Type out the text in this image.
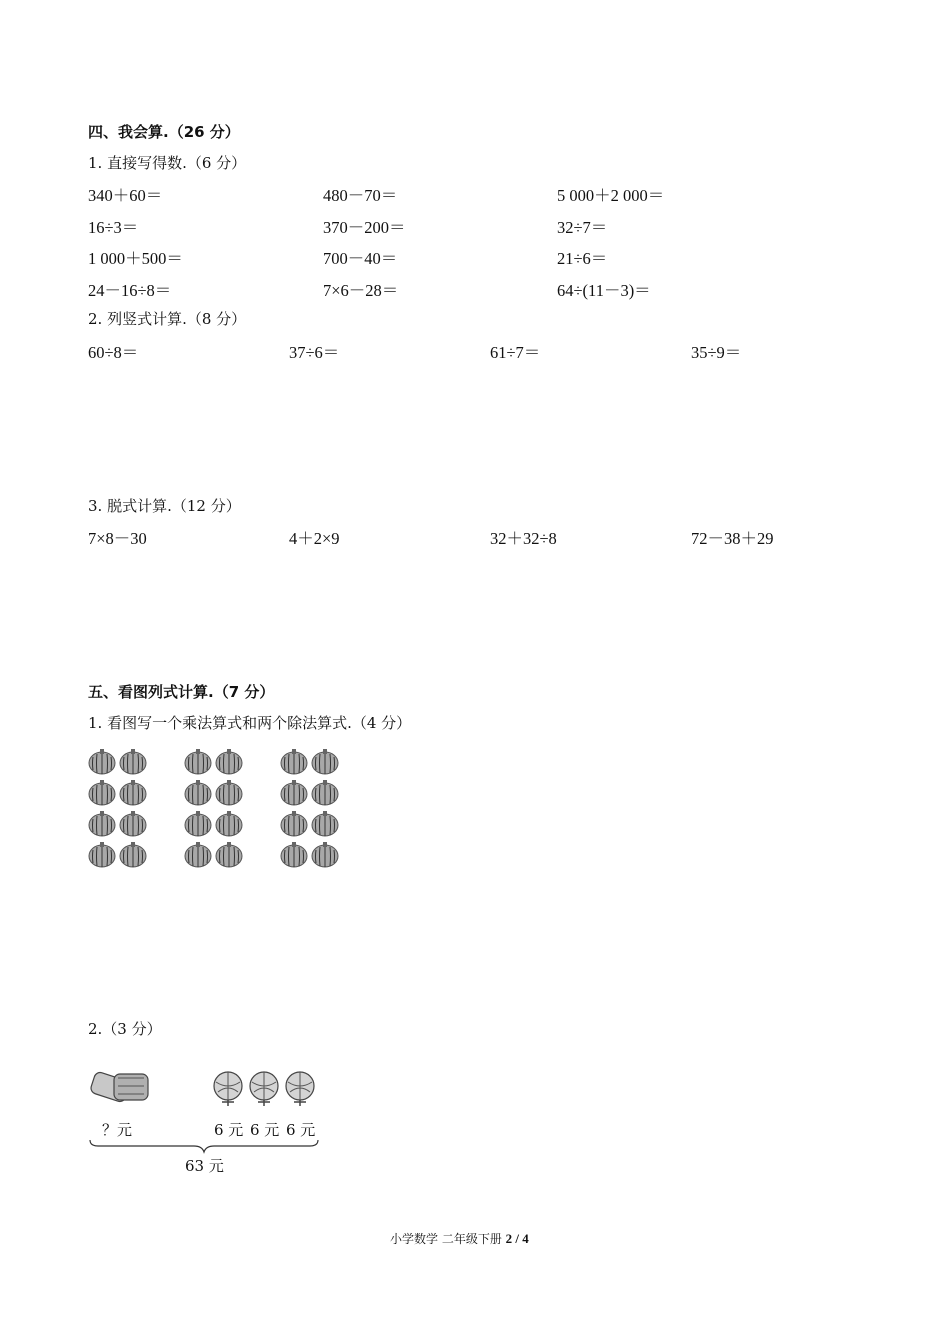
四、我会算.（26 分）
1. 直接写得数.（6 分）
340＋60＝	480－70＝	5 000＋2 000＝
16÷3＝	370－200＝	32÷7＝
1 000＋500＝	700－40＝	21÷6＝
24－16÷8＝	7×6－28＝	64÷(11－3)＝
2. 列竖式计算.（8 分）
60÷8＝	37÷6＝	61÷7＝	35÷9＝
3. 脱式计算.（12 分）
7×8－30	4＋2×9	32＋32÷8	72－38＋29
五、看图列式计算.（7 分）
1. 看图写一个乘法算式和两个除法算式.（4 分）
2.（3 分）
？元	6 元 6 元 6 元
63 元
小学数学 二年级下册 2 / 4
